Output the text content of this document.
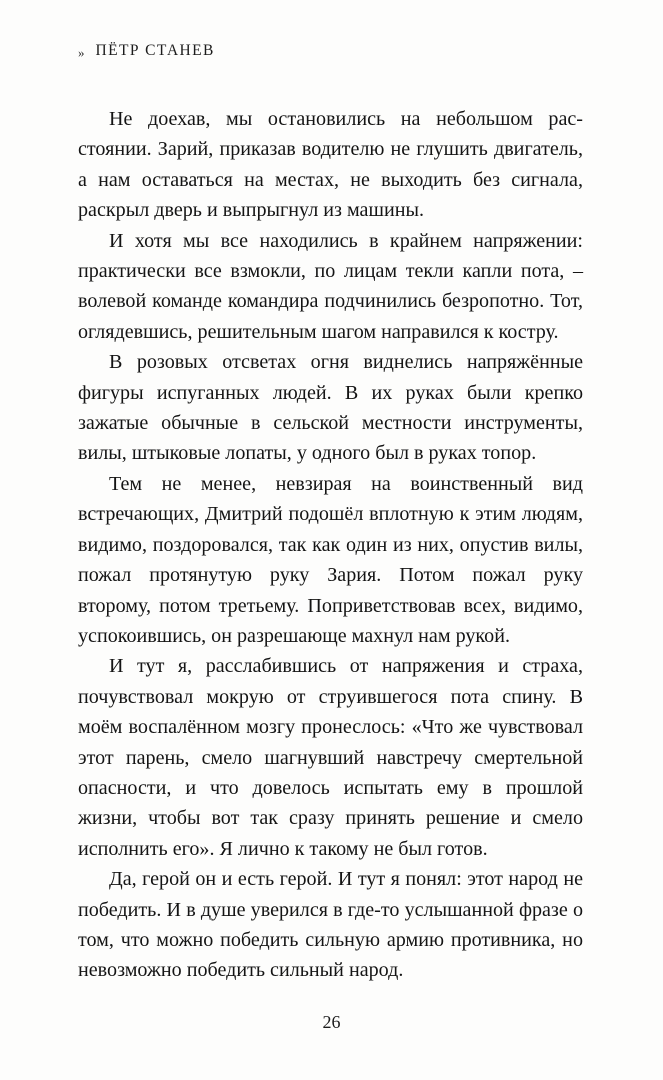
» ПЁТР СТАНЕВ

Не доехав, мы остановились на небольшом расстоянии. Зарий, приказав водителю не глушить двигатель, а нам оставаться на местах, не выходить без сигнала, раскрыл дверь и выпрыгнул из машины.

И хотя мы все находились в крайнем напряжении: практически все взмокли, по лицам текли капли пота, – волевой команде командира подчинились безропотно. Тот, оглядевшись, решительным шагом направился к костру.

В розовых отсветах огня виднелись напряжённые фигуры испуганных людей. В их руках были крепко зажатые обычные в сельской местности инструменты, вилы, штыковые лопаты, у одного был в руках топор.

Тем не менее, невзирая на воинственный вид встречающих, Дмитрий подошёл вплотную к этим людям, видимо, поздоровался, так как один из них, опустив вилы, пожал протянутую руку Зария. Потом пожал руку второму, потом третьему. Поприветствовав всех, видимо, успокоившись, он разрешающе махнул нам рукой.

И тут я, расслабившись от напряжения и страха, почувствовал мокрую от струившегося пота спину. В моём воспалённом мозгу пронеслось: «Что же чувствовал этот парень, смело шагнувший навстречу смертельной опасности, и что довелось испытать ему в прошлой жизни, чтобы вот так сразу принять решение и смело исполнить его». Я лично к такому не был готов.

Да, герой он и есть герой. И тут я понял: этот народ не победить. И в душе уверился в где-то услышанной фразе о том, что можно победить сильную армию противника, но невозможно победить сильный народ.

26
